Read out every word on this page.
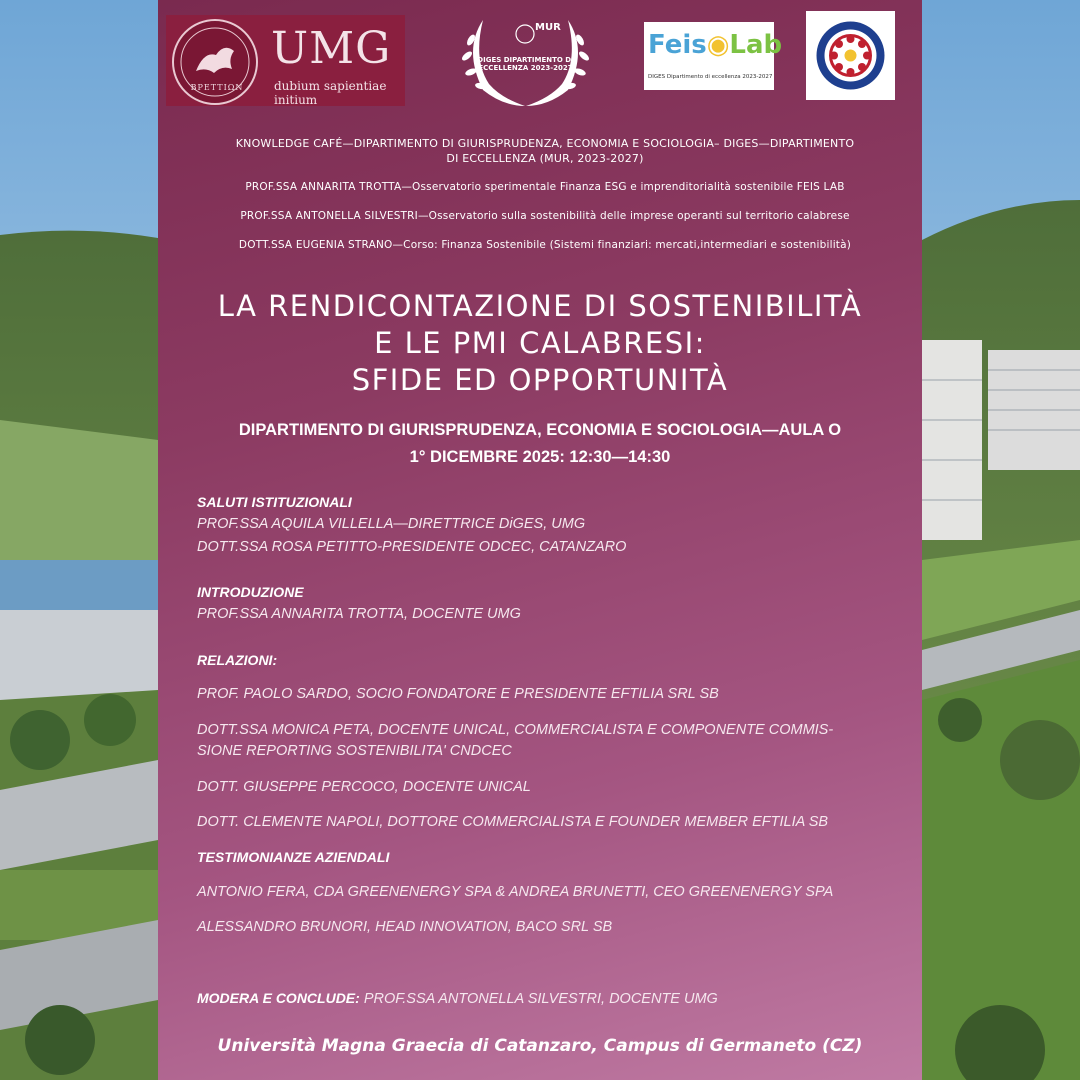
BPETTIΩN
UMG
dubium sapientiae initium
MUR
DIGES DIPARTIMENTO DI ECCELLENZA 2023-2027
Feis◉Lab
DIGES Dipartimento di eccellenza 2023-2027
KNOWLEDGE CAFÉ—DIPARTIMENTO DI GIURISPRUDENZA, ECONOMIA E SOCIOLOGIA– DIGES—DIPARTIMENTO
DI ECCELLENZA (MUR, 2023-2027)
PROF.SSA ANNARITA TROTTA—Osservatorio sperimentale Finanza ESG e imprenditorialità sostenibile FEIS LAB
PROF.SSA ANTONELLA SILVESTRI—Osservatorio sulla sostenibilità delle imprese operanti sul territorio calabrese
DOTT.SSA EUGENIA STRANO—Corso: Finanza Sostenibile (Sistemi finanziari: mercati,intermediari e sostenibilità)
LA RENDICONTAZIONE DI SOSTENIBILITÀ
E LE PMI CALABRESI:
SFIDE ED OPPORTUNITÀ
DIPARTIMENTO DI GIURISPRUDENZA, ECONOMIA E SOCIOLOGIA—AULA O
1° DICEMBRE 2025: 12:30—14:30
SALUTI ISTITUZIONALI
PROF.SSA AQUILA VILLELLA—DIRETTRICE DiGES, UMG
DOTT.SSA ROSA PETITTO-PRESIDENTE ODCEC, CATANZARO
INTRODUZIONE
PROF.SSA ANNARITA TROTTA, DOCENTE UMG
RELAZIONI:
PROF. PAOLO SARDO, SOCIO FONDATORE E PRESIDENTE EFTILIA SRL SB
DOTT.SSA MONICA PETA, DOCENTE UNICAL, COMMERCIALISTA E COMPONENTE COMMIS-
SIONE REPORTING SOSTENIBILITA' CNDCEC
DOTT. GIUSEPPE PERCOCO, DOCENTE UNICAL
DOTT. CLEMENTE NAPOLI, DOTTORE COMMERCIALISTA E FOUNDER MEMBER EFTILIA SB
TESTIMONIANZE AZIENDALI
ANTONIO FERA, CDA GREENENERGY SPA & ANDREA BRUNETTI, CEO GREENENERGY SPA
ALESSANDRO BRUNORI, HEAD INNOVATION, BACO SRL SB
MODERA E CONCLUDE: PROF.SSA ANTONELLA SILVESTRI, DOCENTE UMG
Università Magna Graecia di Catanzaro, Campus di Germaneto (CZ)
